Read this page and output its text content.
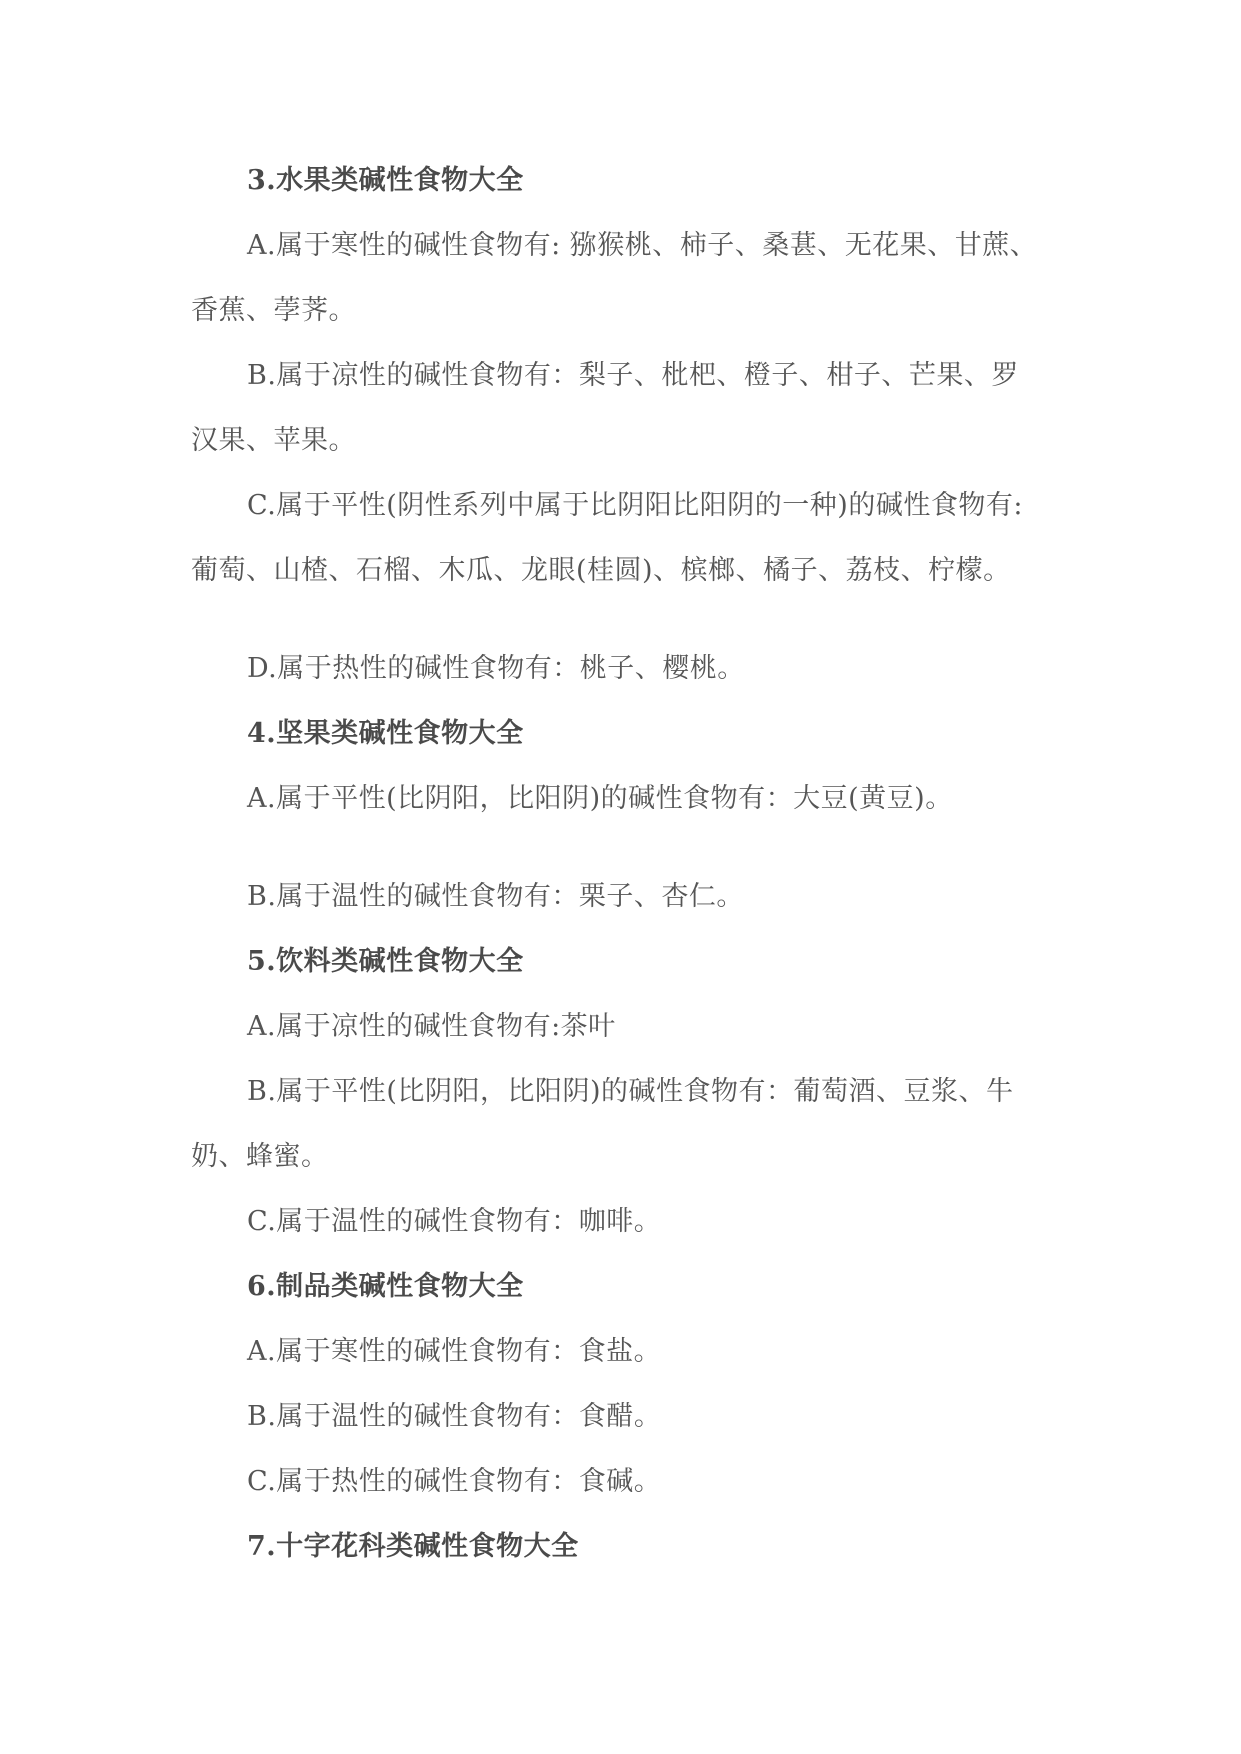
3.水果类碱性食物大全
A.属于寒性的碱性食物有: 猕猴桃、柿子、桑葚、无花果、甘蔗、
香蕉、荸荠。
B.属于凉性的碱性食物有：梨子、枇杷、橙子、柑子、芒果、罗
汉果、苹果。
C.属于平性(阴性系列中属于比阴阳比阳阴的一种)的碱性食物有:
葡萄、山楂、石榴、木瓜、龙眼(桂圆)、槟榔、橘子、荔枝、柠檬。
D.属于热性的碱性食物有：桃子、樱桃。
4.坚果类碱性食物大全
A.属于平性(比阴阳，比阳阴)的碱性食物有：大豆(黄豆)。
B.属于温性的碱性食物有：栗子、杏仁。
5.饮料类碱性食物大全
A.属于凉性的碱性食物有:茶叶
B.属于平性(比阴阳，比阳阴)的碱性食物有：葡萄酒、豆浆、牛
奶、蜂蜜。
C.属于温性的碱性食物有：咖啡。
6.制品类碱性食物大全
A.属于寒性的碱性食物有：食盐。
B.属于温性的碱性食物有：食醋。
C.属于热性的碱性食物有：食碱。
7.十字花科类碱性食物大全
